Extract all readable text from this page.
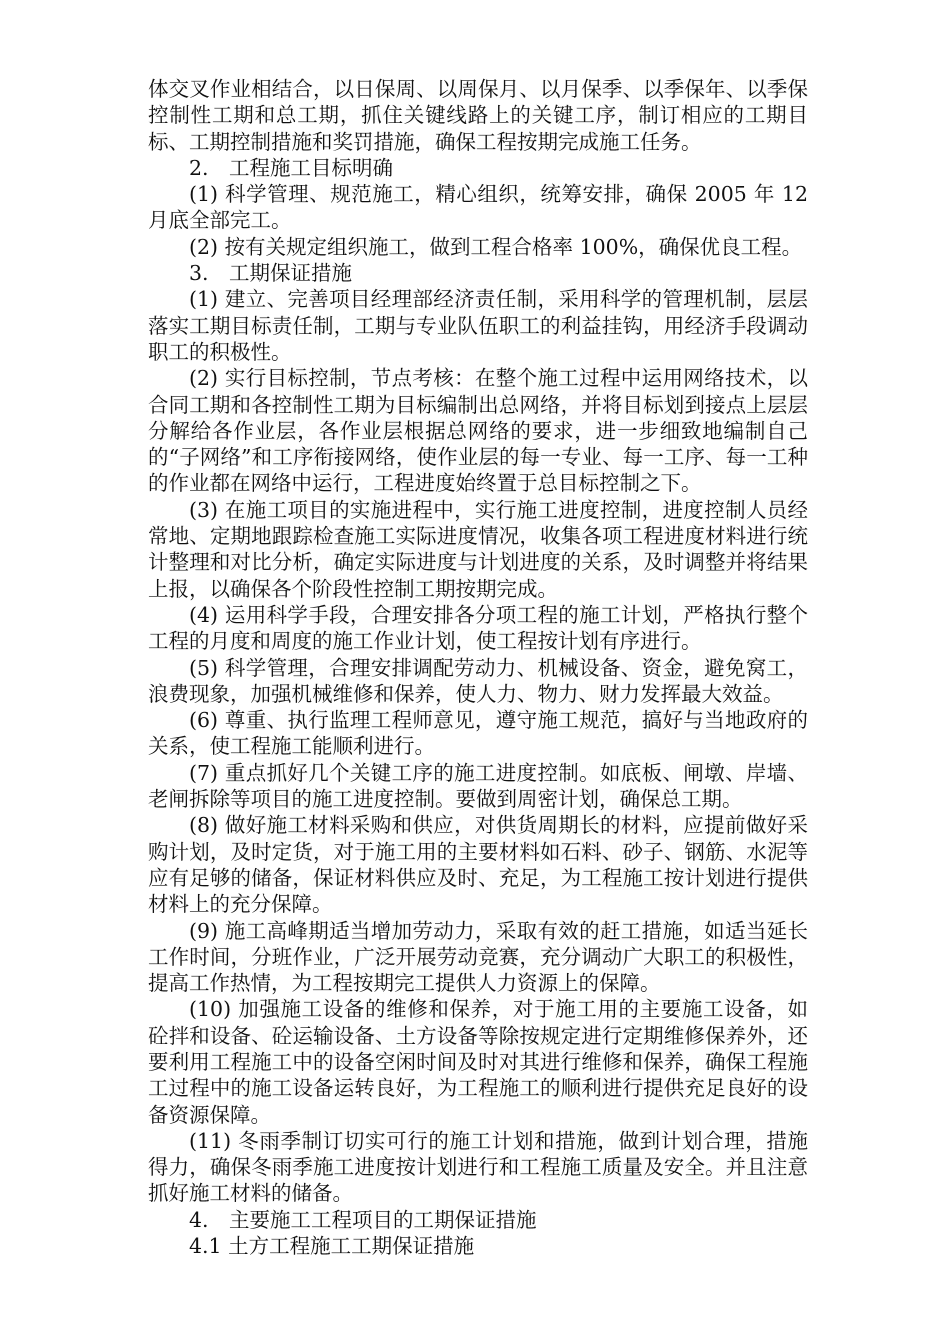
体交叉作业相结合，以日保周、以周保月、以月保季、以季保年、以季保控制性工期和总工期，抓住关键线路上的关键工序，制订相应的工期目标、工期控制措施和奖罚措施，确保工程按期完成施工任务。

2.　工程施工目标明确

(1) 科学管理、规范施工，精心组织，统筹安排，确保 2005 年 12 月底全部完工。

(2) 按有关规定组织施工，做到工程合格率 100%，确保优良工程。

3.　工期保证措施

(1) 建立、完善项目经理部经济责任制，采用科学的管理机制，层层落实工期目标责任制，工期与专业队伍职工的利益挂钩，用经济手段调动职工的积极性。

(2) 实行目标控制，节点考核：在整个施工过程中运用网络技术，以合同工期和各控制性工期为目标编制出总网络，并将目标划到接点上层层分解给各作业层，各作业层根据总网络的要求，进一步细致地编制自己的“子网络”和工序衔接网络，使作业层的每一专业、每一工序、每一工种的作业都在网络中运行，工程进度始终置于总目标控制之下。

(3) 在施工项目的实施进程中，实行施工进度控制，进度控制人员经常地、定期地跟踪检查施工实际进度情况，收集各项工程进度材料进行统计整理和对比分析，确定实际进度与计划进度的关系，及时调整并将结果上报，以确保各个阶段性控制工期按期完成。

(4) 运用科学手段，合理安排各分项工程的施工计划，严格执行整个工程的月度和周度的施工作业计划，使工程按计划有序进行。

(5) 科学管理，合理安排调配劳动力、机械设备、资金，避免窝工，浪费现象，加强机械维修和保养，使人力、物力、财力发挥最大效益。

(6) 尊重、执行监理工程师意见，遵守施工规范，搞好与当地政府的关系，使工程施工能顺利进行。

(7) 重点抓好几个关键工序的施工进度控制。如底板、闸墩、岸墙、老闸拆除等项目的施工进度控制。要做到周密计划，确保总工期。

(8) 做好施工材料采购和供应，对供货周期长的材料，应提前做好采购计划，及时定货，对于施工用的主要材料如石料、砂子、钢筋、水泥等应有足够的储备，保证材料供应及时、充足，为工程施工按计划进行提供材料上的充分保障。

(9) 施工高峰期适当增加劳动力，采取有效的赶工措施，如适当延长工作时间，分班作业，广泛开展劳动竞赛，充分调动广大职工的积极性，提高工作热情，为工程按期完工提供人力资源上的保障。

(10) 加强施工设备的维修和保养，对于施工用的主要施工设备，如砼拌和设备、砼运输设备、土方设备等除按规定进行定期维修保养外，还要利用工程施工中的设备空闲时间及时对其进行维修和保养，确保工程施工过程中的施工设备运转良好，为工程施工的顺利进行提供充足良好的设备资源保障。

(11) 冬雨季制订切实可行的施工计划和措施，做到计划合理，措施得力，确保冬雨季施工进度按计划进行和工程施工质量及安全。并且注意抓好施工材料的储备。

4.　主要施工工程项目的工期保证措施

4.1 土方工程施工工期保证措施
